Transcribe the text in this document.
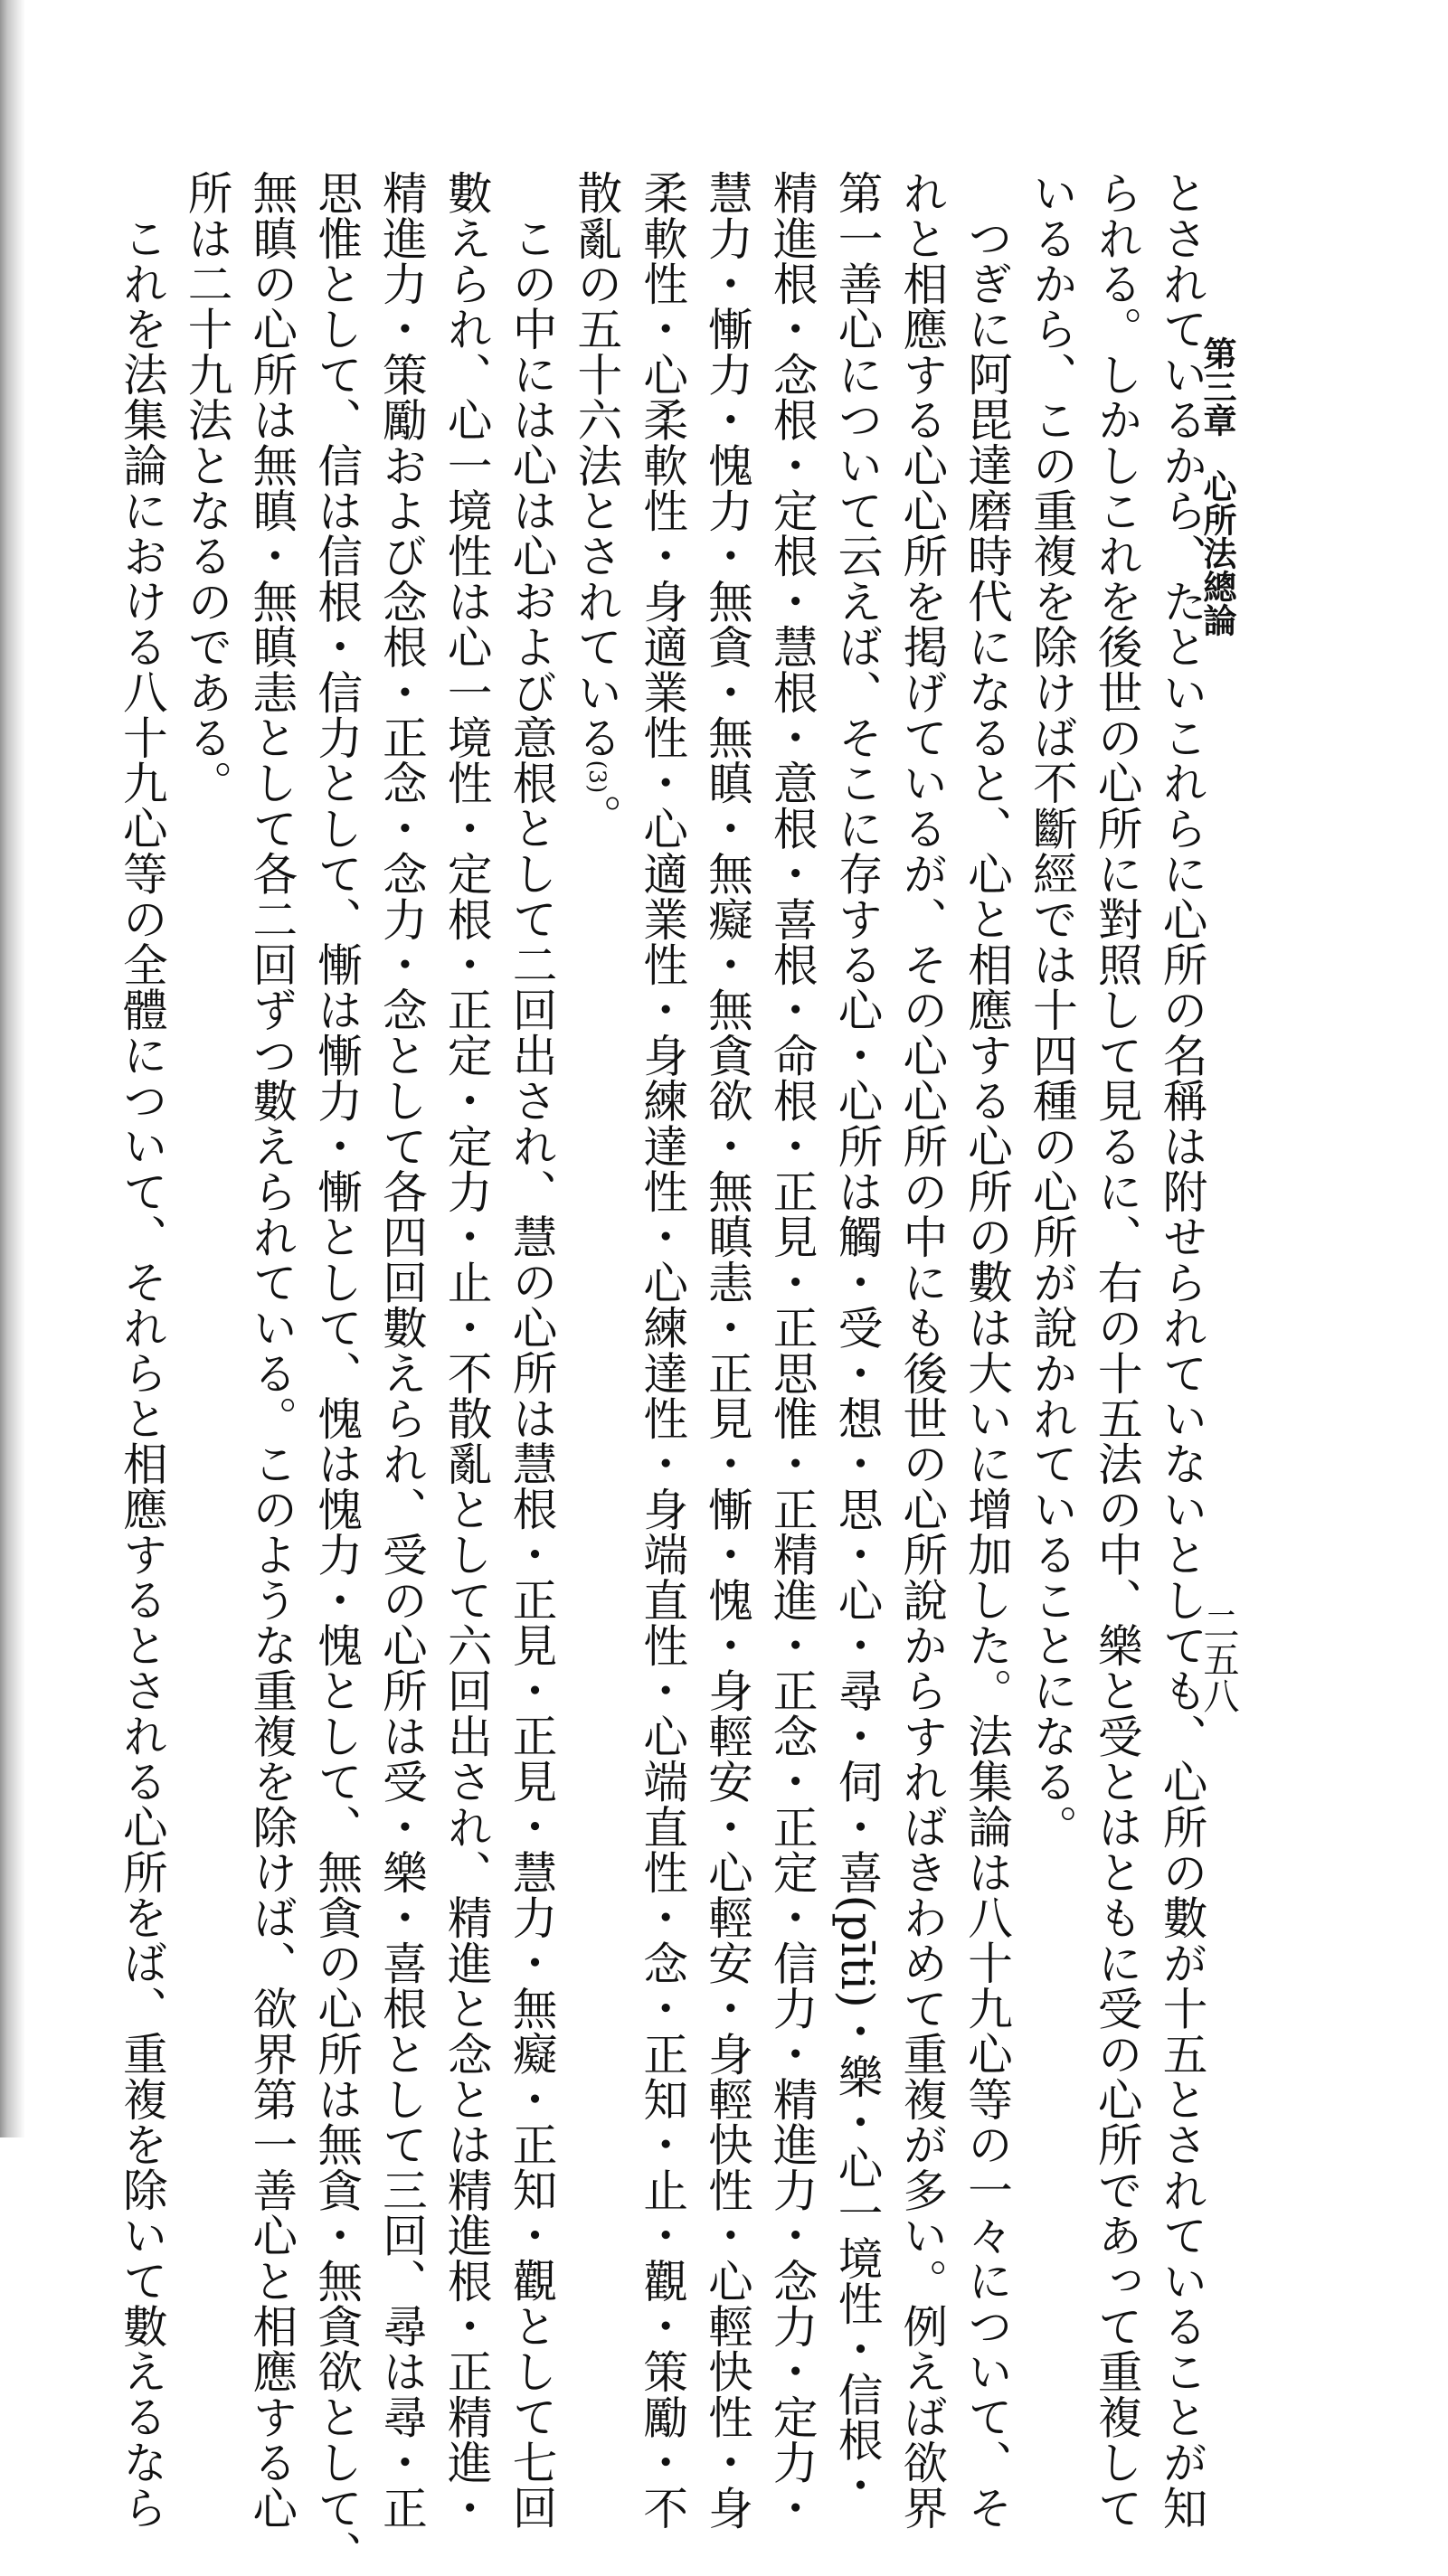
第三章心所法總論
二五八

とされているから、たといこれらに心所の名稱は附せられていないとしても、心所の數が十五とされていることが知

られる。しかしこれを後世の心所に對照して見るに、右の十五法の中、樂と受とはともに受の心所であって重複して

いるから、この重複を除けば不斷經では十四種の心所が說かれていることになる。

つぎに阿毘達磨時代になると、心と相應する心所の數は大いに增加した。法集論は八十九心等の一々について、そ

れと相應する心心所を掲げているが、その心心所の中にも後世の心所說からすればきわめて重複が多い。例えば欲界

第一善心について云えば、そこに存する心・心所は觸・受・想・思・心・尋・伺・喜(pīti)・樂・心一境性・信根・

精進根・念根・定根・慧根・意根・喜根・命根・正見・正思惟・正精進・正念・正定・信力・精進力・念力・定力・

慧力・慚力・愧力・無貪・無瞋・無癡・無貪欲・無瞋恚・正見・慚・愧・身輕安・心輕安・身輕快性・心輕快性・身

柔軟性・心柔軟性・身適業性・心適業性・身練達性・心練達性・身端直性・心端直性・念・正知・止・觀・策勵・不

散亂の五十六法とされている(3)。

この中には心は心および意根として二回出され、慧の心所は慧根・正見・正見・慧力・無癡・正知・觀として七回

數えられ、心一境性は心一境性・定根・正定・定力・止・不散亂として六回出され、精進と念とは精進根・正精進・

精進力・策勵および念根・正念・念力・念として各四回數えられ、受の心所は受・樂・喜根として三回、尋は尋・正

思惟として、信は信根・信力として、慚は慚力・慚として、愧は愧力・愧として、無貪の心所は無貪・無貪欲として、

無瞋の心所は無瞋・無瞋恚として各二回ずつ數えられている。このような重複を除けば、欲界第一善心と相應する心

所は二十九法となるのである。

これを法集論における八十九心等の全體について、それらと相應するとされる心所をば、重複を除いて數えるなら
